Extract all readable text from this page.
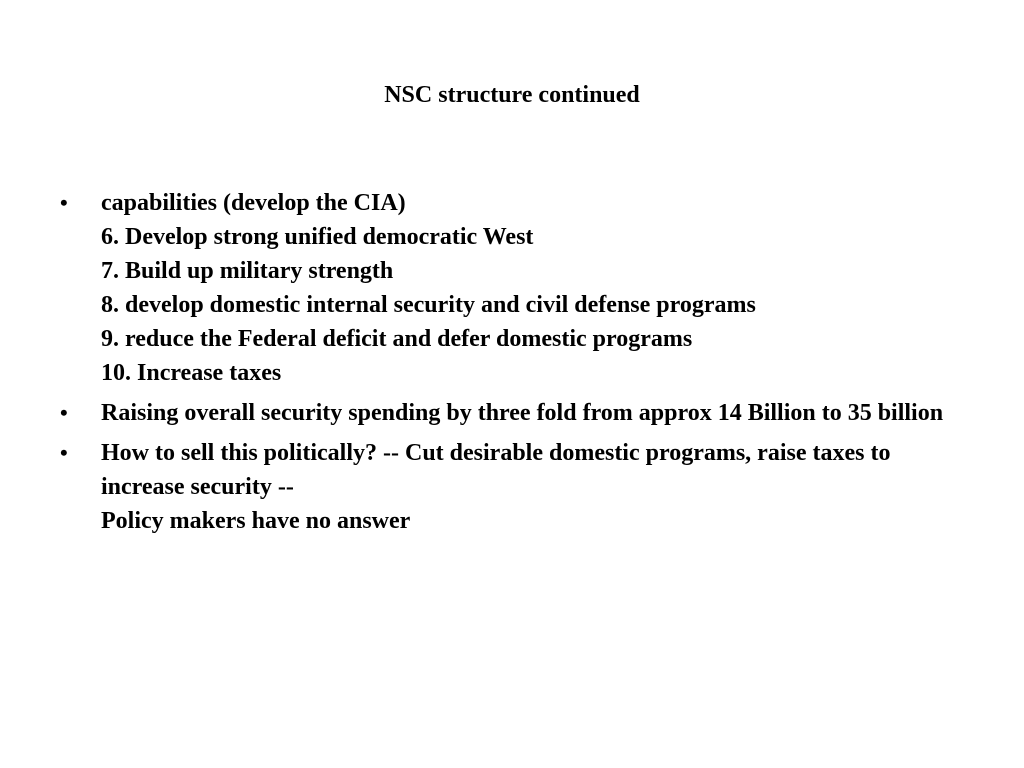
NSC structure continued
•	capabilities (develop the CIA)
6. Develop strong unified democratic West
7. Build up military strength
8. develop domestic internal security and civil defense programs
9. reduce the Federal deficit and defer domestic programs
10. Increase taxes
•	Raising overall security spending by three fold from approx 14 Billion to 35 billion
•	How to sell this politically? -- Cut desirable domestic programs, raise taxes to increase security --
Policy makers have no answer
